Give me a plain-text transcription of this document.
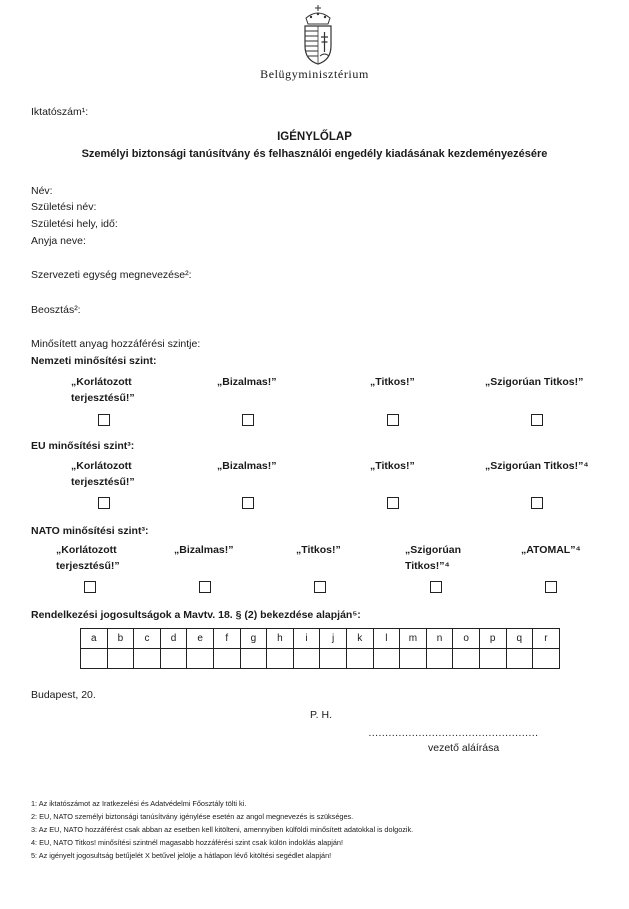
Belügyminisztérium
Iktatószám¹:
IGÉNYLŐLAP
Személyi biztonsági tanúsítvány és felhasználói engedély kiadásának kezdeményezésére
Név:
Születési név:
Születési hely, idő:
Anyja neve:
Szervezeti egység megnevezése²:
Beosztás²:
Minősített anyag hozzáférési szintje:
Nemzeti minősítési szint:
„Korlátozott
terjesztésű!”
„Bizalmas!”	„Titkos!”	„Szigorúan Titkos!”
EU minősítési szint³:
„Korlátozott
terjesztésű!”
„Bizalmas!”	„Titkos!”	„Szigorúan Titkos!”⁴
NATO minősítési szint³:
„Korlátozott
terjesztésű!”
„Bizalmas!”	„Titkos!”	„Szigorúan
Titkos!”⁴
„ATOMAL”⁴
Rendelkezési jogosultságok a Mavtv. 18. § (2) bekezdése alapján⁵:
a	b	c	d	e	f	g	h	i	j	k	l	m	n	o	p	q	r

Budapest, 20.
P. H.
……………………………………………
vezető aláírása
1: Az iktatószámot az Iratkezelési és Adatvédelmi Főosztály tölti ki.
2: EU, NATO személyi biztonsági tanúsítvány igénylése esetén az angol megnevezés is szükséges.
3: Az EU, NATO hozzáférést csak abban az esetben kell kitölteni, amennyiben külföldi minősített adatokkal is dolgozik.
4: EU, NATO Titkos! minősítési szintnél magasabb hozzáférési szint csak külön indoklás alapján!
5: Az igényelt jogosultság betűjelét X betűvel jelölje a hátlapon lévő kitöltési segédlet alapján!
